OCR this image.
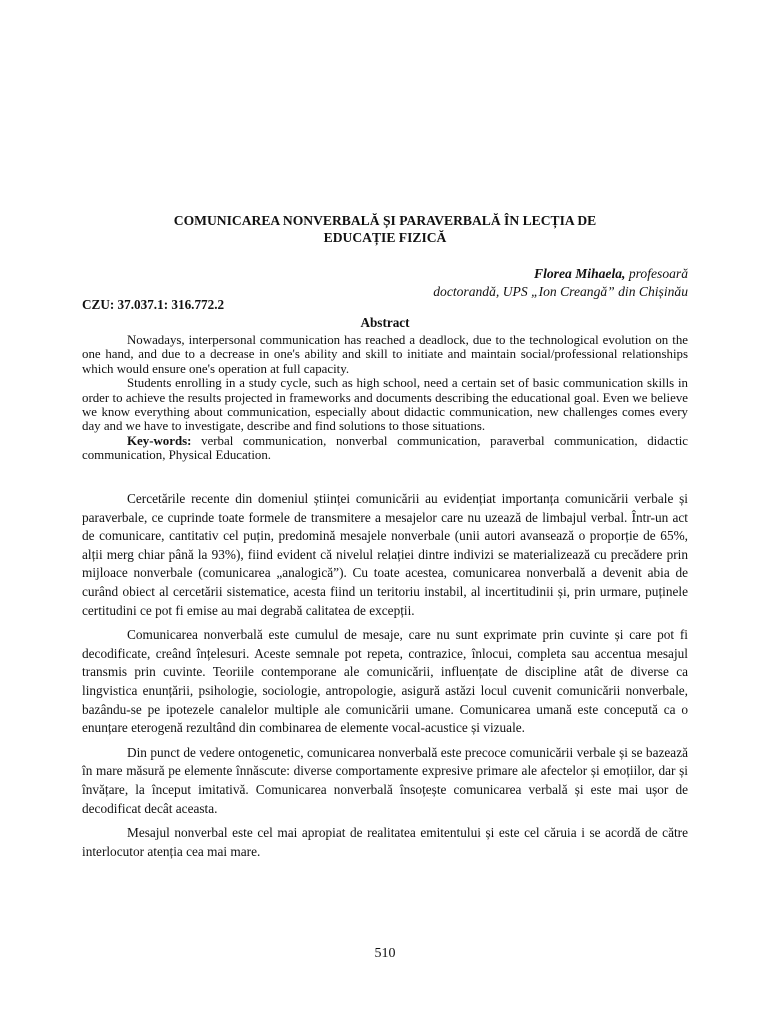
COMUNICAREA NONVERBALĂ ȘI PARAVERBALĂ ÎN LECȚIA DE
EDUCAȚIE FIZICĂ
Florea Mihaela, profesoară
doctorandă, UPS „Ion Creangă” din Chișinău
CZU: 37.037.1: 316.772.2
Abstract

Nowadays, interpersonal communication has reached a deadlock, due to the technological evolution on the one hand, and due to a decrease in one's ability and skill to initiate and maintain social/professional relationships which would ensure one's operation at full capacity.

Students enrolling in a study cycle, such as high school, need a certain set of basic communication skills in order to achieve the results projected in frameworks and documents describing the educational goal. Even we believe we know everything about communication, especially about didactic communication, new challenges comes every day and we have to investigate, describe and find solutions to those situations.

Key-words: verbal communication, nonverbal communication, paraverbal communication, didactic communication, Physical Education.

Cercetările recente din domeniul științei comunicării au evidențiat importanța comunicării verbale și paraverbale, ce cuprinde toate formele de transmitere a mesajelor care nu uzează de limbajul verbal. Într-un act de comunicare, cantitativ cel puțin, predomină mesajele nonverbale (unii autori avansează o proporție de 65%, alții merg chiar până la 93%), fiind evident că nivelul relației dintre indivizi se materializează cu precădere prin mijloace nonverbale (comunicarea „analogică”). Cu toate acestea, comunicarea nonverbală a devenit abia de curând obiect al cercetării sistematice, acesta fiind un teritoriu instabil, al incertitudinii și, prin urmare, puținele certitudini ce pot fi emise au mai degrabă calitatea de excepții.

Comunicarea nonverbală este cumulul de mesaje, care nu sunt exprimate prin cuvinte și care pot fi decodificate, creând înțelesuri. Aceste semnale pot repeta, contrazice, înlocui, completa sau accentua mesajul transmis prin cuvinte. Teoriile contemporane ale comunicării, influențate de discipline atât de diverse ca lingvistica enunțării, psihologie, sociologie, antropologie, asigură astăzi locul cuvenit comunicării nonverbale, bazându-se pe ipotezele canalelor multiple ale comunicării umane. Comunicarea umană este concepută ca o enunțare eterogenă rezultând din combinarea de elemente vocal-acustice și vizuale.

Din punct de vedere ontogenetic, comunicarea nonverbală este precoce comunicării verbale și se bazează în mare măsură pe elemente înnăscute: diverse comportamente expresive primare ale afectelor și emoțiilor, dar și învățare, la început imitativă. Comunicarea nonverbală însoțește comunicarea verbală și este mai ușor de decodificat decât aceasta.

Mesajul nonverbal este cel mai apropiat de realitatea emitentului și este cel căruia i se acordă de către interlocutor atenția cea mai mare.

510
